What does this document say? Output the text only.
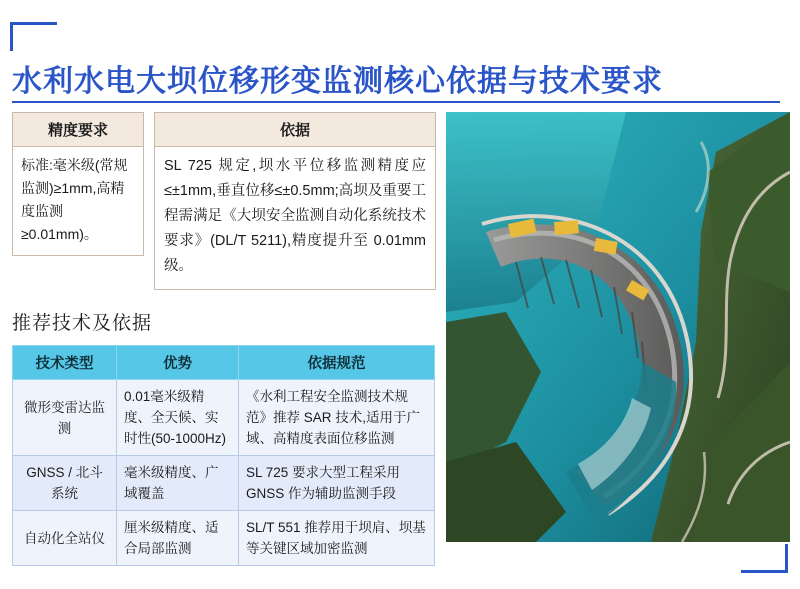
水利水电大坝位移形变监测核心依据与技术要求
精度要求
标准:毫米级(常规监测)≥1mm,高精度监测≥0.01mm)。
依据
SL 725 规定,坝水平位移监测精度应≤±1mm,垂直位移≤±0.5mm;高坝及重要工程需满足《大坝安全监测自动化系统技术要求》(DL/T 5211),精度提升至 0.01mm 级。
推荐技术及依据
技术类型	优势	依据规范
微形变雷达监测	0.01毫米级精度、全天候、实时性(50-1000Hz)	《水利工程安全监测技术规范》推荐 SAR 技术,适用于广域、高精度表面位移监测
GNSS / 北斗系统	毫米级精度、广域覆盖	SL 725 要求大型工程采用 GNSS 作为辅助监测手段
自动化全站仪	厘米级精度、适合局部监测	SL/T 551 推荐用于坝肩、坝基等关键区域加密监测
